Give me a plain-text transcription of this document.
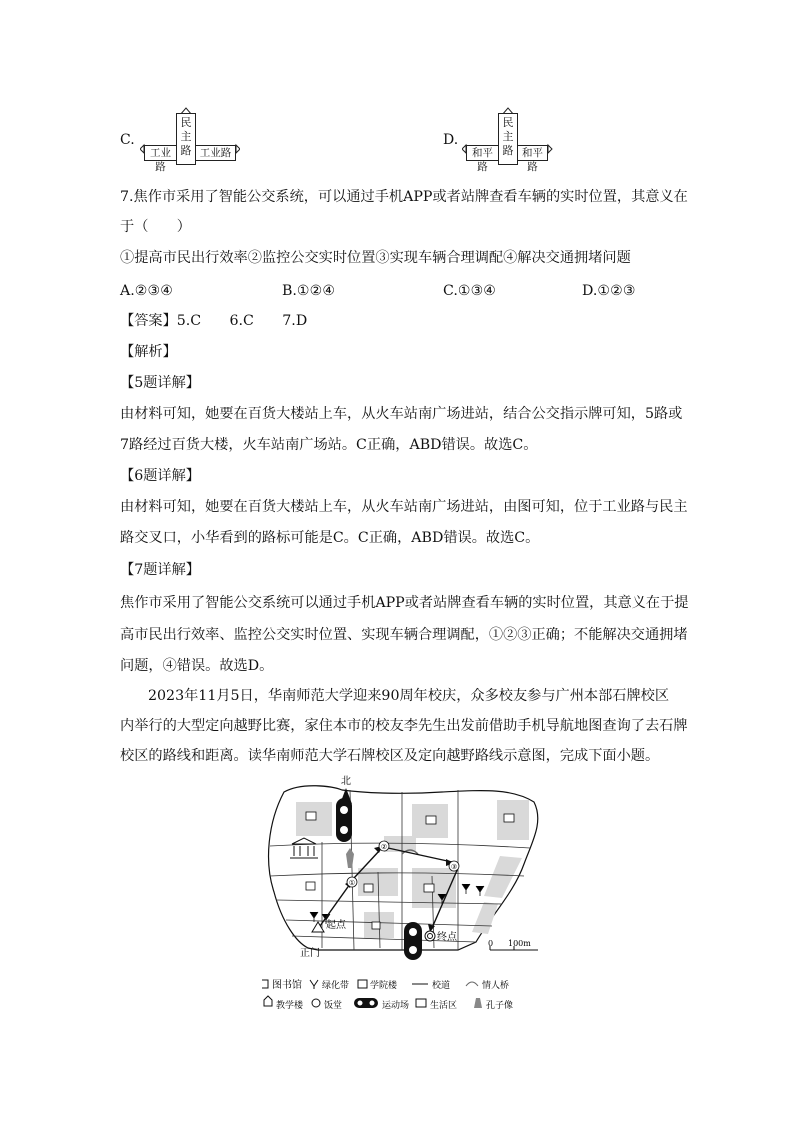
C.
民
主
路
工业路
工业路
D.
民
主
路
和平路
和平路
7.焦作市采用了智能公交系统，可以通过手机APP或者站牌查看车辆的实时位置，其意义在
于（　　）
①提高市民出行效率②监控公交实时位置③实现车辆合理调配④解决交通拥堵问题
A.②③④	B.①②④	C.①③④	D.①②③
【答案】5.C　　6.C　　7.D
【解析】
【5题详解】
由材料可知，她要在百货大楼站上车，从火车站南广场进站，结合公交指示牌可知，5路或
7路经过百货大楼，火车站南广场站。C正确，ABD错误。故选C。
【6题详解】
由材料可知，她要在百货大楼站上车，从火车站南广场进站，由图可知，位于工业路与民主
路交叉口，小华看到的路标可能是C。C正确，ABD错误。故选C。
【7题详解】
焦作市采用了智能公交系统可以通过手机APP或者站牌查看车辆的实时位置，其意义在于提
高市民出行效率、监控公交实时位置、实现车辆合理调配，①②③正确；不能解决交通拥堵
问题，④错误。故选D。
2023年11月5日，华南师范大学迎来90周年校庆，众多校友参与广州本部石牌校区
内举行的大型定向越野比赛，家住本市的校友李先生出发前借助手机导航地图查询了去石牌
校区的路线和距离。读华南师范大学石牌校区及定向越野路线示意图，完成下面小题。
①
②
③
起点
终点
正门
北
0 100m
图书馆 绿化带 学院楼	校道	情人桥
教学楼 饭堂	运动场 生活区	孔子像
